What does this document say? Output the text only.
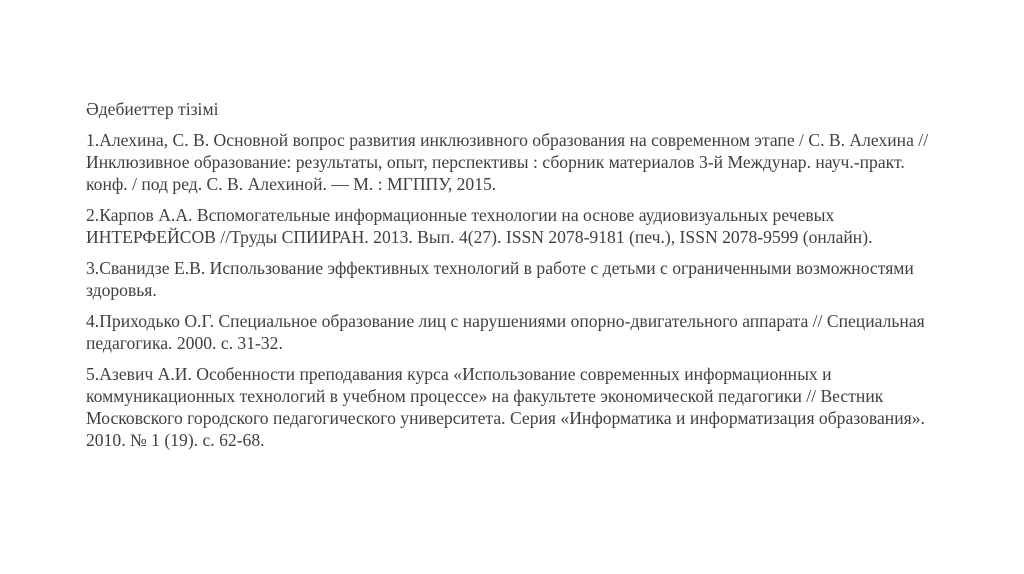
Әдебиеттер тізімі

1.Алехина, С. В. Основной вопрос развития инклюзивного образования на современном этапе / С. В. Алехина // Инклюзивное образование: результаты, опыт, перспективы : сборник материалов 3-й Междунар. науч.-практ. конф. / под ред. С. В. Алехиной. — М. : МГППУ, 2015.

2.Карпов А.А. Вспомогательные информационные технологии на основе аудиовизуальных речевых ИНТЕРФЕЙСОВ //Труды СПИИРАН. 2013. Вып. 4(27). ISSN 2078-9181 (печ.), ISSN 2078-9599 (онлайн).

3.Сванидзе Е.В. Использование эффективных технологий в работе с детьми с ограниченными возможностями здоровья.

4.Приходько О.Г. Специальное образование лиц с нарушениями опорно-двигательного аппарата // Специальная педагогика. 2000. с. 31-32.

5.Азевич А.И. Особенности преподавания курса «Использование современных информационных и коммуникационных технологий в учебном процессе» на факультете экономической педагогики // Вестник Московского городского педагогического университета. Серия «Информатика и информатизация образования». 2010. № 1 (19). с. 62-68.
